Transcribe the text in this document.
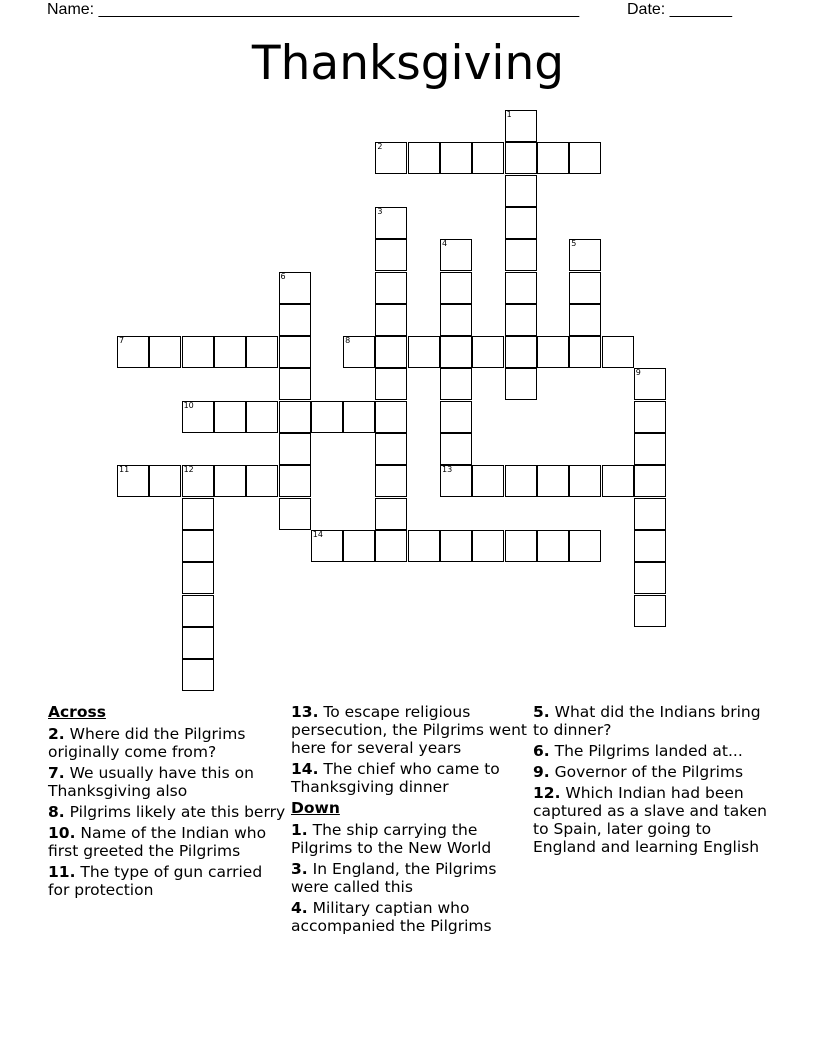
Name: ______________________________________________________	Date: _______
Thanksgiving
1
2
3
4	5
6
7	8
9
10
11	12	13
14
Across
2. Where did the Pilgrims originally come from?
7. We usually have this on Thanksgiving also
8. Pilgrims likely ate this berry
10. Name of the Indian who first greeted the Pilgrims
11. The type of gun carried for protection
13. To escape religious persecution, the Pilgrims went here for several years
14. The chief who came to Thanksgiving dinner
Down
1. The ship carrying the Pilgrims to the New World
3. In England, the Pilgrims were called this
4. Military captian who accompanied the Pilgrims
5. What did the Indians bring to dinner?
6. The Pilgrims landed at...
9. Governor of the Pilgrims
12. Which Indian had been captured as a slave and taken to Spain, later going to England and learning English
